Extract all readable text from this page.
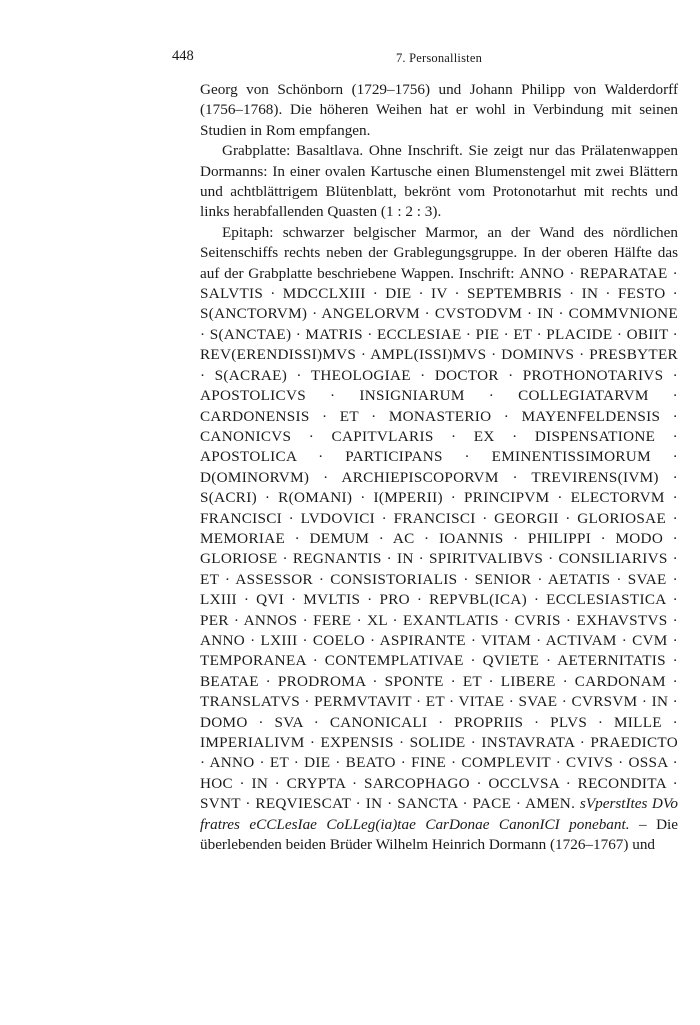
448	7. Personallisten

Georg von Schönborn (1729–1756) und Johann Philipp von Walderdorff (1756–1768). Die höheren Weihen hat er wohl in Verbindung mit seinen Studien in Rom empfangen.

Grabplatte: Basaltlava. Ohne Inschrift. Sie zeigt nur das Prälatenwappen Dormanns: In einer ovalen Kartusche einen Blumenstengel mit zwei Blättern und achtblättrigem Blütenblatt, bekrönt vom Protonotarhut mit rechts und links herabfallenden Quasten (1 : 2 : 3).

Epitaph: schwarzer belgischer Marmor, an der Wand des nördlichen Seitenschiffs rechts neben der Grablegungsgruppe. In der oberen Hälfte das auf der Grabplatte beschriebene Wappen. Inschrift: ANNO · REPARATAE · SALVTIS · MDCCLXIII · DIE · IV · SEPTEMBRIS · IN · FESTO · S(ANCTORVM) · ANGELORVM · CVSTODVM · IN · COMMVNIONE · S(ANCTAE) · MATRIS · ECCLESIAE · PIE · ET · PLACIDE · OBIIT · REV(ERENDISSI)MVS · AMPL(ISSI)MVS · DOMINVS · PRESBYTER · S(ACRAE) · THEOLOGIAE · DOCTOR · PROTHONOTARIVS · APOSTOLICVS · INSIGNIARUM · COLLEGIATARVM · CARDONENSIS · ET · MONASTERIO · MAYENFELDENSIS · CANONICVS · CAPITVLARIS · EX · DISPENSATIONE · APOSTOLICA · PARTICIPANS · EMINENTISSIMORUM · D(OMINORVM) · ARCHIEPISCOPORVM · TREVIRENS(IVM) · S(ACRI) · R(OMANI) · I(MPERII) · PRINCIPVM · ELECTORVM · FRANCISCI · LVDOVICI · FRANCISCI · GEORGII · GLORIOSAE · MEMORIAE · DEMUM · AC · IOANNIS · PHILIPPI · MODO · GLORIOSE · REGNANTIS · IN · SPIRITVALIBVS · CONSILIARIVS · ET · ASSESSOR · CONSISTORIALIS · SENIOR · AETATIS · SVAE · LXIII · QVI · MVLTIS · PRO · REPVBL(ICA) · ECCLESIASTICA · PER · ANNOS · FERE · XL · EXANTLATIS · CVRIS · EXHAVSTVS · ANNO · LXIII · COELO · ASPIRANTE · VITAM · ACTIVAM · CVM · TEMPORANEA · CONTEMPLATIVAE · QVIETE · AETERNITATIS · BEATAE · PRODROMA · SPONTE · ET · LIBERE · CARDONAM · TRANSLATVS · PERMVTAVIT · ET · VITAE · SVAE · CVRSVM · IN · DOMO · SVA · CANONICALI · PROPRIIS · PLVS · MILLE · IMPERIALIVM · EXPENSIS · SOLIDE · INSTAVRATA · PRAEDICTO · ANNO · ET · DIE · BEATO · FINE · COMPLEVIT · CVIVS · OSSA · HOC · IN · CRYPTA · SARCOPHAGO · OCCLVSA · RECONDITA · SVNT · REQVIESCAT · IN · SANCTA · PACE · AMEN. sVperstItes DVo fratres eCCLesIae CoLLeg(ia)tae CarDonae CanonICI ponebant. – Die überlebenden beiden Brüder Wilhelm Heinrich Dormann (1726–1767) und
